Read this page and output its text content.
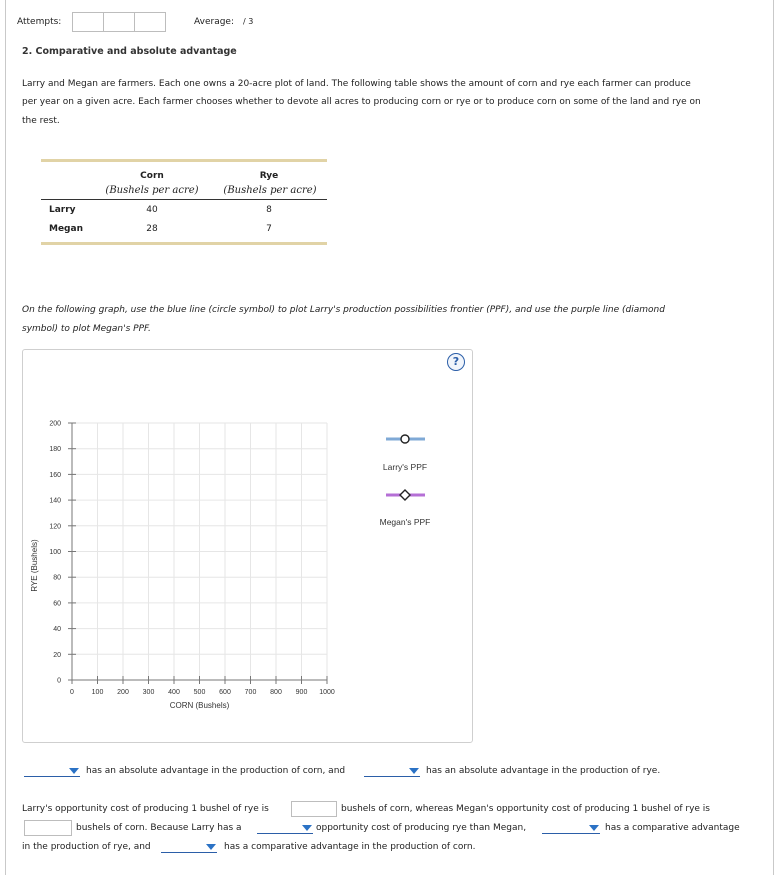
Attempts:	Average: / 3
2. Comparative and absolute advantage
Larry and Megan are farmers. Each one owns a 20-acre plot of land. The following table shows the amount of corn and rye each farmer can produce
per year on a given acre. Each farmer chooses whether to devote all acres to producing corn or rye or to produce corn on some of the land and rye on
the rest.
Corn	Rye
(Bushels per acre)	(Bushels per acre)
Larry	40	8
Megan	28	7
On the following graph, use the blue line (circle symbol) to plot Larry's production possibilities frontier (PPF), and use the purple line (diamond
symbol) to plot Megan's PPF.
?
0	100 200 300 400 500 600 700 800 900 1000
0
20
40
60
80
100
120
140
160
180
200
CORN (Bushels)
RYE (Bushels)
Larry's PPF
Megan's PPF
has an absolute advantage in the production of corn, and	has an absolute advantage in the production of rye.
Larry's opportunity cost of producing 1 bushel of rye is	bushels of corn, whereas Megan's opportunity cost of producing 1 bushel of rye is
bushels of corn. Because Larry has a	opportunity cost of producing rye than Megan,	has a comparative advantage
in the production of rye, and	has a comparative advantage in the production of corn.
